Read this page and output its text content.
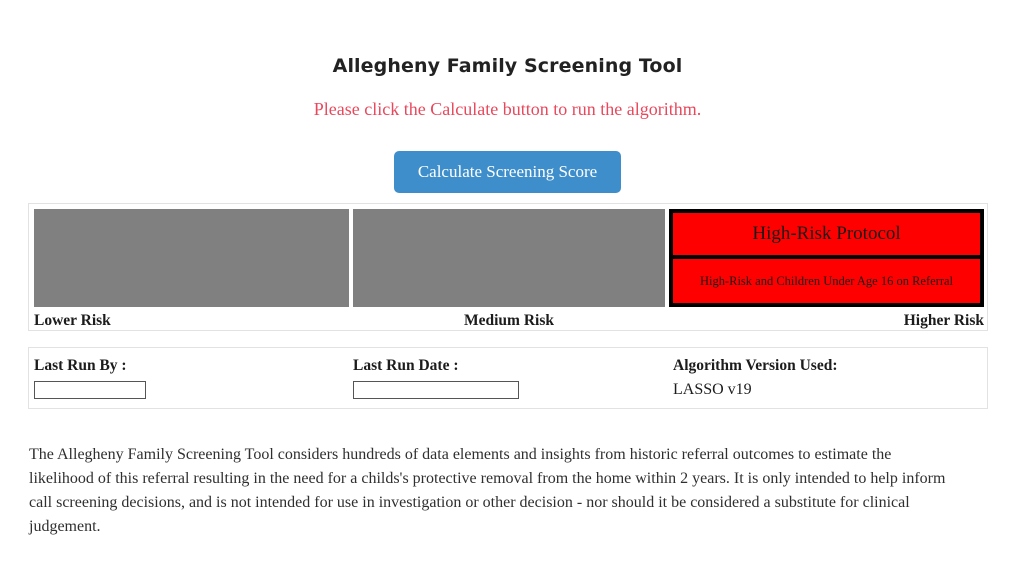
Allegheny Family Screening Tool
Please click the Calculate button to run the algorithm.
Calculate Screening Score
High-Risk Protocol
High-Risk and Children Under Age 16 on Referral
Lower Risk	Medium Risk	Higher Risk
Last Run By :	Last Run Date :	Algorithm Version Used:
LASSO v19

The Allegheny Family Screening Tool considers hundreds of data elements and insights from historic referral outcomes to estimate the likelihood of this referral resulting in the need for a childs's protective removal from the home within 2 years. It is only intended to help inform call screening decisions, and is not intended for use in investigation or other decision - nor should it be considered a substitute for clinical judgement.
